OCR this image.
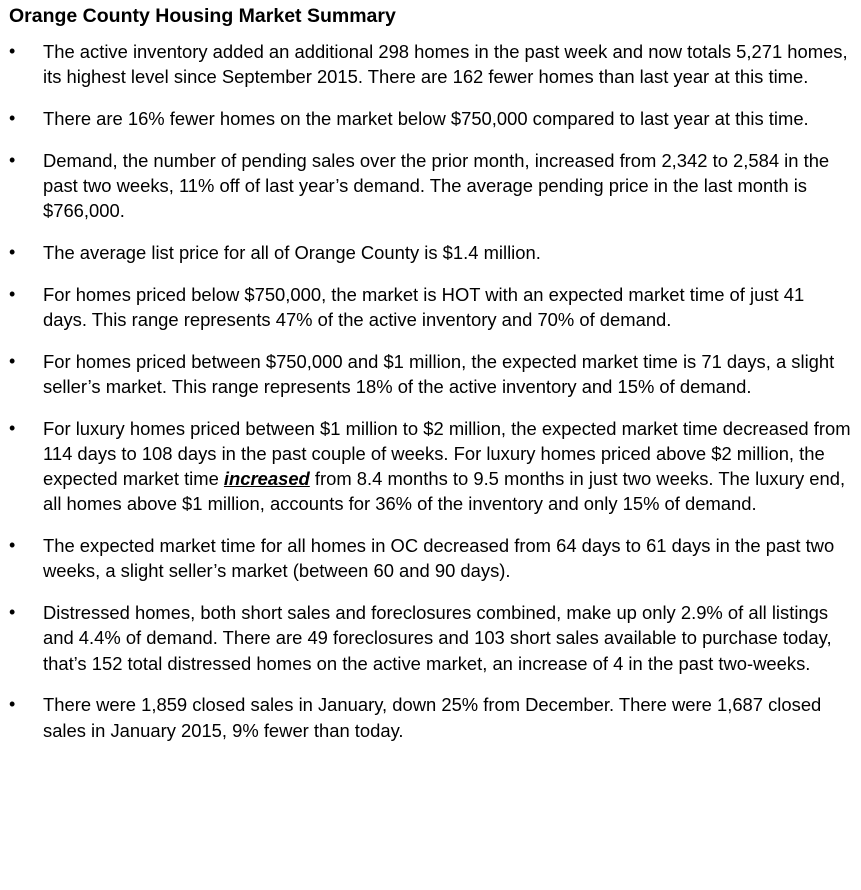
Orange County Housing Market Summary
•	The active inventory added an additional 298 homes in the past week and now totals 5,271 homes, its highest level since September 2015. There are 162 fewer homes than last year at this time.
•	There are 16% fewer homes on the market below $750,000 compared to last year at this time.
•	Demand, the number of pending sales over the prior month, increased from 2,342 to 2,584 in the past two weeks, 11% off of last year’s demand. The average pending price in the last month is $766,000.
•	The average list price for all of Orange County is $1.4 million.
•	For homes priced below $750,000, the market is HOT with an expected market time of just 41 days. This range represents 47% of the active inventory and 70% of demand.
•	For homes priced between $750,000 and $1 million, the expected market time is 71 days, a slight seller’s market. This range represents 18% of the active inventory and 15% of demand.
•	For luxury homes priced between $1 million to $2 million, the expected market time decreased from 114 days to 108 days in the past couple of weeks. For luxury homes priced above $2 million, the expected market time increased from 8.4 months to 9.5 months in just two weeks. The luxury end, all homes above $1 million, accounts for 36% of the inventory and only 15% of demand.
•	The expected market time for all homes in OC decreased from 64 days to 61 days in the past two weeks, a slight seller’s market (between 60 and 90 days).
•	Distressed homes, both short sales and foreclosures combined, make up only 2.9% of all listings and 4.4% of demand. There are 49 foreclosures and 103 short sales available to purchase today, that’s 152 total distressed homes on the active market, an increase of 4 in the past two-weeks.
•	There were 1,859 closed sales in January, down 25% from December. There were 1,687 closed sales in January 2015, 9% fewer than today.
